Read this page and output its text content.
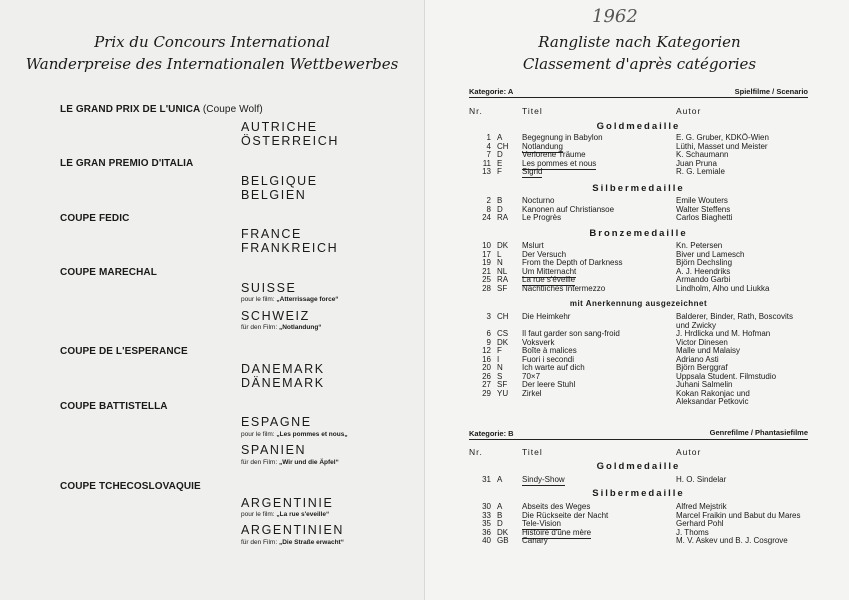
Prix du Concours International
Wanderpreise des Internationalen Wettbewerbes
LE GRAND PRIX DE L'UNICA (Coupe Wolf)
AUTRICHE
ÖSTERREICH
LE GRAN PREMIO D'ITALIA
BELGIQUE
BELGIEN
COUPE FEDIC
FRANCE
FRANKREICH
COUPE MARECHAL
SUISSE
pour le film: „Atterrissage force“
SCHWEIZ
für den Film: „Notlandung“
COUPE DE L'ESPERANCE
DANEMARK
DÄNEMARK
COUPE BATTISTELLA
ESPAGNE
pour le film: „Les pommes et nous„
SPANIEN
für den Film: „Wir und die Äpfel“
COUPE TCHECOSLOVAQUIE
ARGENTINIE
pour le film: „La rue s'eveille“
ARGENTINIEN
für den Film: „Die Straße erwacht“
1962
Rangliste nach Kategorien
Classement d'après catégories
Kategorie: A	Spielfilme / Scenario
Nr.	Titel	Autor
Goldmedaille
1 A Begegnung in Babylon	E. G. Gruber, KDKÖ-Wien
4 CH Notlandung	Lüthi, Masset und Meister
7 D Verlorene Träume	K. Schaumann
11 E Les pommes et nous	Juan Pruna
13 F	Sigrid	R. G. Lemiale
Silbermedaille
2 B Nocturno	Emile Wouters
8 D Kanonen auf Christiansoe	Walter Steffens
24 RA Le Progrès	Carlos Biaghetti
Bronzemedaille
10 DK Mslurt	Kn. Petersen
17 L	Der Versuch	Biver und Lamesch
19 N From the Depth of Darkness	Björn Dechsling
21 NL Um Mitternacht	A. J. Heendriks
25 RA La rue s'éveille	Armando Garbi
28 SF Nächtliches Intermezzo	Lindholm, Alho und Liukka
mit Anerkennung ausgezeichnet
3 CH Die Heimkehr	Balderer, Binder, Rath, Boscovits
und Zwicky
6 CS Il faut garder son sang-froid	J. Hrdlicka und M. Hofman
9 DK Voksverk	Victor Dinesen
12 F	Boîte à malices	Malle und Malaisy
16 I	Fuori i secondi	Adriano Asti
20 N Ich warte auf dich	Björn Berggraf
26 S 70×7	Uppsala Student. Filmstudio
27 SF Der leere Stuhl	Juhani Salmelin
29 YU Zirkel	Kokan Rakonjac und
Aleksandar Petkovic
Kategorie: B	Genrefilme / Phantasiefilme
Nr.	Titel	Autor
Goldmedaille
31 A Sindy-Show	H. O. Sindelar
Silbermedaille
30 A Abseits des Weges	Alfred Mejstrik
33 B Die Rückseite der Nacht	Marcel Fraikin und Babut du Mares
35 D Tele-Vision	Gerhard Pohl
36 DK Histoire d'une mère	J. Thoms
40 GB Canary	M. V. Askev und B. J. Cosgrove
